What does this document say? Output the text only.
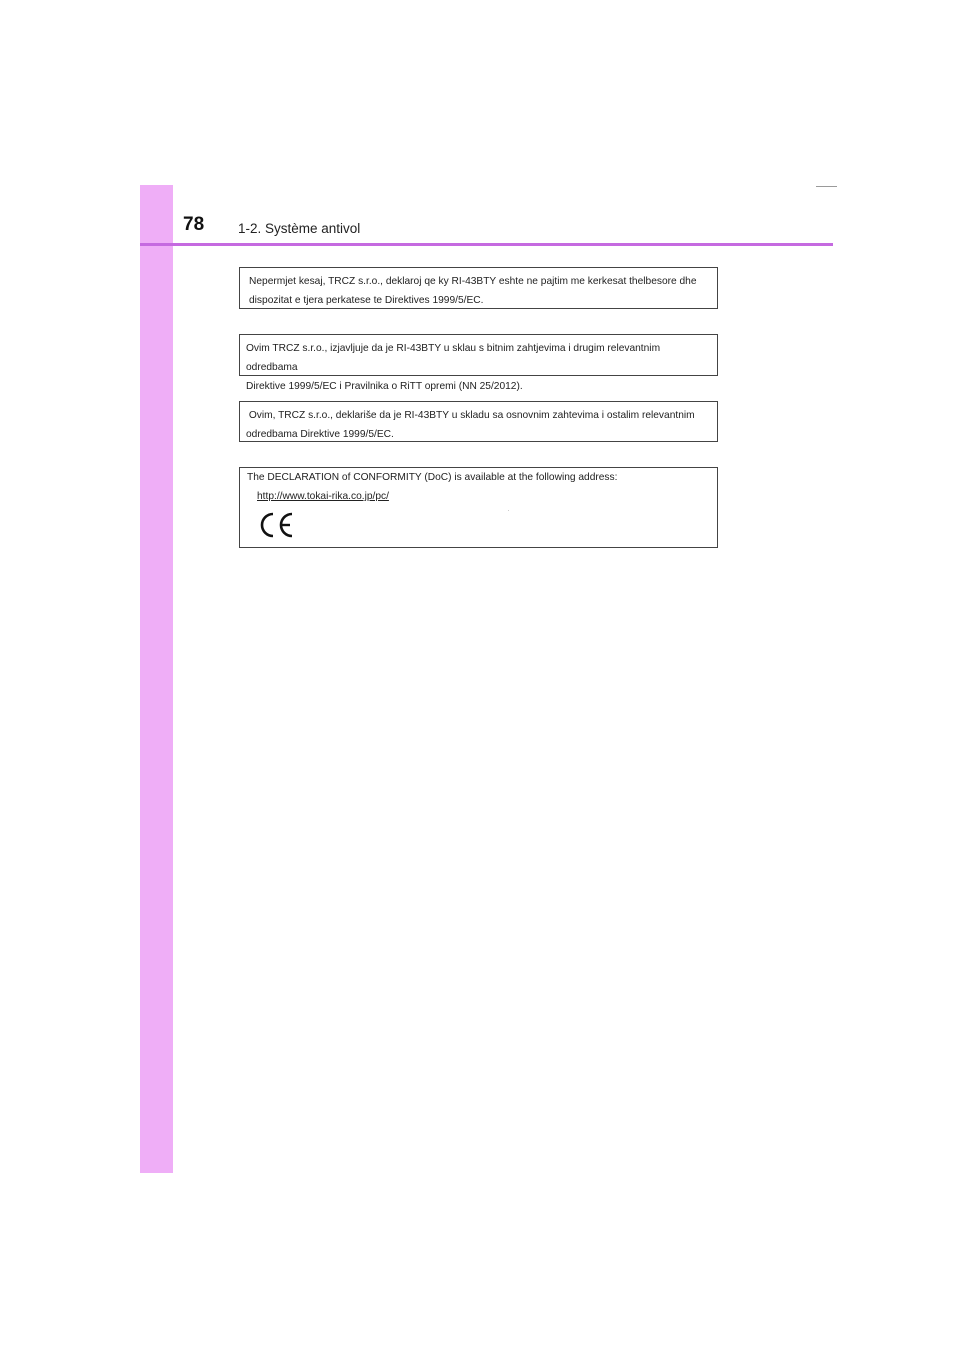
78	1-2. Système antivol

Nepermjet kesaj, TRCZ s.r.o., deklaroj qe ky RI-43BTY eshte ne pajtim me kerkesat thelbesore dhe

dispozitat e tjera perkatese te Direktives 1999/5/EC.

Ovim TRCZ s.r.o., izjavljuje da je RI-43BTY u sklau s bitnim zahtjevima i drugim relevantnim odredbama

Direktive 1999/5/EC i Pravilnika o RiTT opremi (NN 25/2012).

Ovim, TRCZ s.r.o., deklariše da je RI-43BTY u skladu sa osnovnim zahtevima i ostalim relevantnim

odredbama Direktive 1999/5/EC.

The DECLARATION of CONFORMITY (DoC) is available at the following address:

http://www.tokai-rika.co.jp/pc/
